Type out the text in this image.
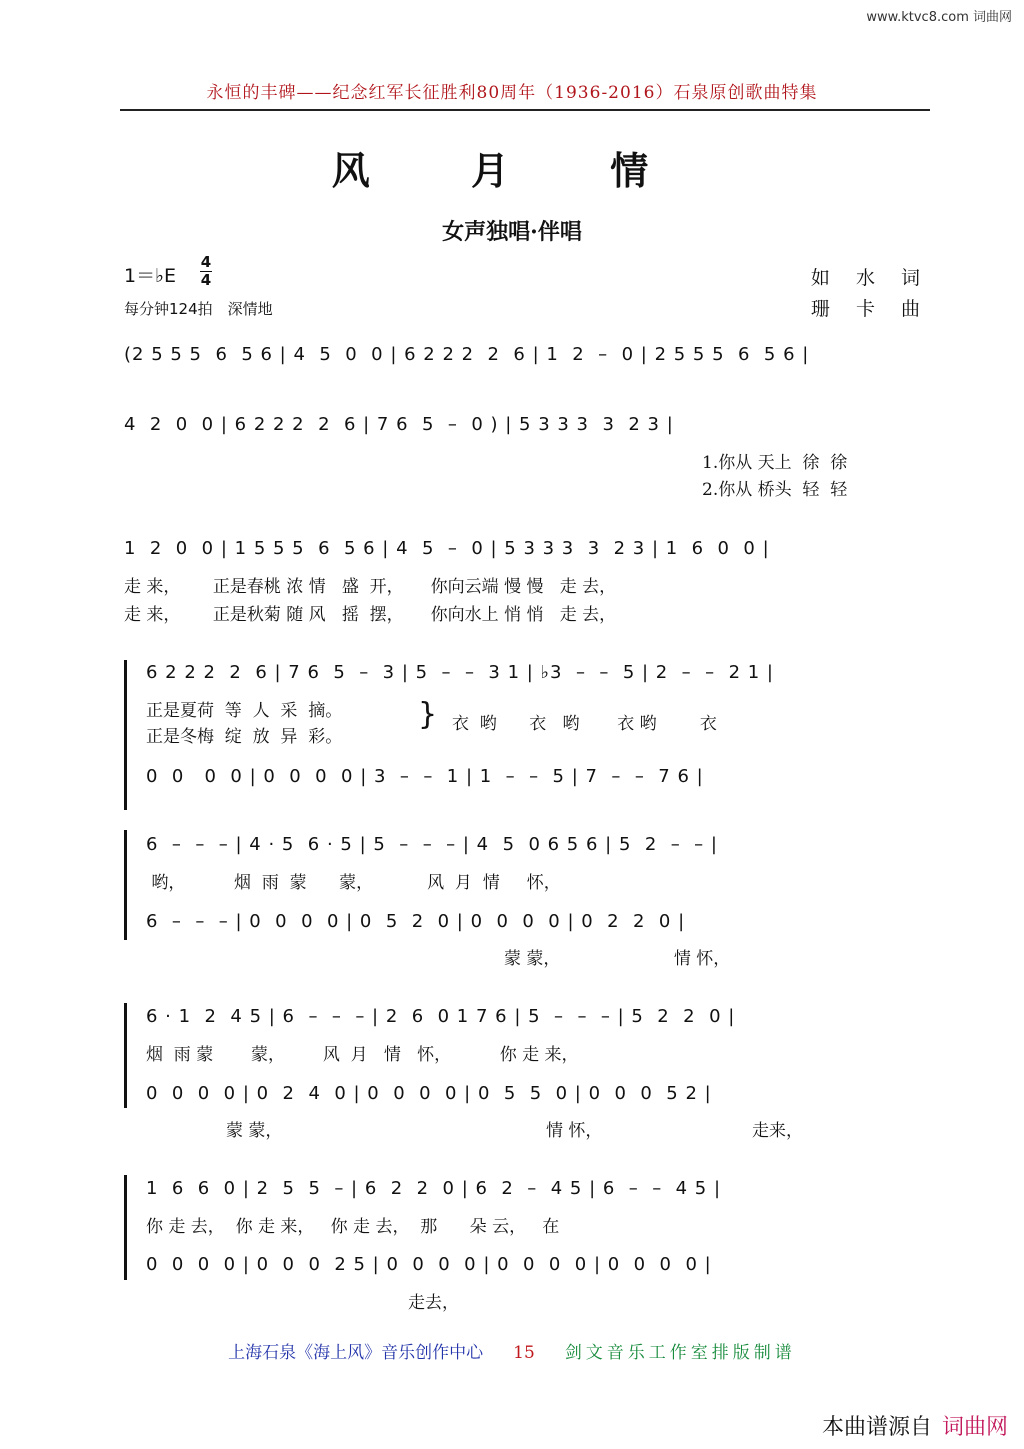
www.ktvc8.com 词曲网
永恒的丰碑——纪念红军长征胜利80周年（1936-2016）石泉原创歌曲特集
风 月 情
女声独唱·伴唱
1＝♭E
4
4
每分钟124拍　深情地
如 水 词
珊 卡 曲
(2 5 5 5  6  5 6 | 4  5  0  0 | 6 2 2 2  2  6 | 1  2  –  0 | 2 5 5 5  6  5 6 |
4  2  0  0 | 6 2 2 2  2  6 | 7 6  5  –  0 ) | 5 3 3 3  3  2 3 |
1.你从 天上  徐  徐
2.你从 桥头  轻  轻
1  2  0  0 | 1 5 5 5  6  5 6 | 4  5  –  0 | 5 3 3 3  3  2 3 | 1  6  0  0 |
走 来，      正是春桃 浓 情   盛  开，     你向云端 慢 慢   走 去，
走 来，      正是秋菊 随 风   摇  摆，     你向水上 悄 悄   走 去，
6 2 2 2  2  6 | 7 6  5  –  3 | 5  –  –  3 1 | ♭3  –  –  5 | 2  –  –  2 1 |
正是夏荷  等  人  采  摘。
正是冬梅  绽  放  异  彩。
} 衣  哟      衣   哟       衣 哟        衣
0  0   0  0 | 0  0  0  0 | 3  –  –  1 | 1  –  –  5 | 7  –  –  7 6 |
6  –  –  – | 4 · 5  6 · 5 | 5  –  –  – | 4  5  0 6 5 6 | 5  2  –  – |
哟，         烟  雨  蒙      蒙，          风  月  情     怀，
6  –  –  – | 0  0  0  0 | 0  5  2  0 | 0  0  0  0 | 0  2  2  0 |
蒙 蒙，                     情 怀，
6 · 1  2  4 5 | 6  –  –  – | 2  6  0 1 7 6 | 5  –  –  – | 5  2  2  0 |
烟  雨 蒙       蒙，       风  月   情   怀，         你 走 来，
0  0  0  0 | 0  2  4  0 | 0  0  0  0 | 0  5  5  0 | 0  0  0  5 2 |
蒙 蒙，	情 怀，	走来，
1  6  6  0 | 2  5  5  – | 6  2  2  0 | 6  2  –  4 5 | 6  –  –  4 5 |
你 走 去，  你 走 来，   你 走 去，  那      朵 云，   在
0  0  0  0 | 0  0  0  2 5 | 0  0  0  0 | 0  0  0  0 | 0  0  0  0 |
走去，
上海石泉《海上风》音乐创作中心 15 剑文音乐工作室排版制谱
本曲谱源自 词曲网
